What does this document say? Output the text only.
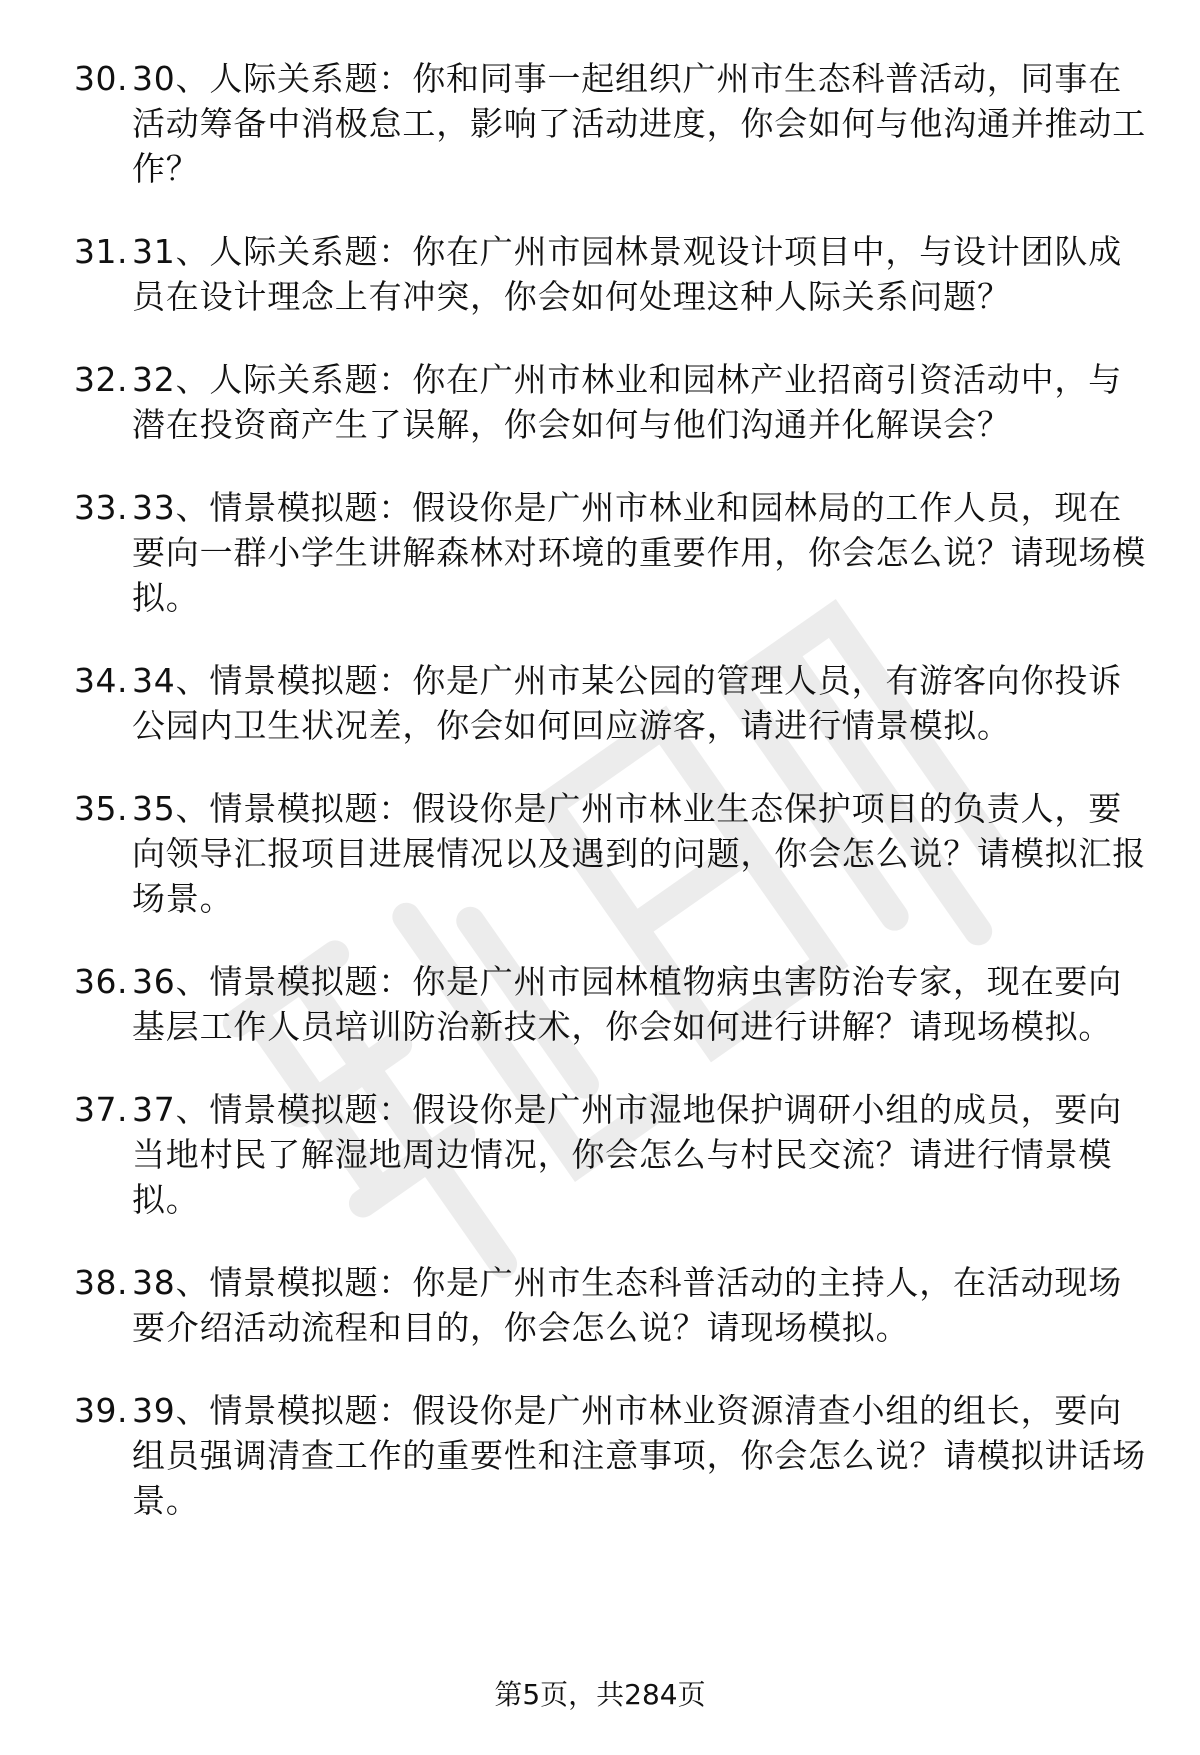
30. 30、人际关系题：你和同事一起组织广州市生态科普活动，同事在活动筹备中消极怠工，影响了活动进度，你会如何与他沟通并推动工作？
31. 31、人际关系题：你在广州市园林景观设计项目中，与设计团队成员在设计理念上有冲突，你会如何处理这种人际关系问题？
32. 32、人际关系题：你在广州市林业和园林产业招商引资活动中，与潜在投资商产生了误解，你会如何与他们沟通并化解误会？
33. 33、情景模拟题：假设你是广州市林业和园林局的工作人员，现在要向一群小学生讲解森林对环境的重要作用，你会怎么说？请现场模拟。
34. 34、情景模拟题：你是广州市某公园的管理人员，有游客向你投诉公园内卫生状况差，你会如何回应游客，请进行情景模拟。
35. 35、情景模拟题：假设你是广州市林业生态保护项目的负责人，要向领导汇报项目进展情况以及遇到的问题，你会怎么说？请模拟汇报场景。
36. 36、情景模拟题：你是广州市园林植物病虫害防治专家，现在要向基层工作人员培训防治新技术，你会如何进行讲解？请现场模拟。
37. 37、情景模拟题：假设你是广州市湿地保护调研小组的成员，要向当地村民了解湿地周边情况，你会怎么与村民交流？请进行情景模拟。
38. 38、情景模拟题：你是广州市生态科普活动的主持人，在活动现场要介绍活动流程和目的，你会怎么说？请现场模拟。
39. 39、情景模拟题：假设你是广州市林业资源清查小组的组长，要向组员强调清查工作的重要性和注意事项，你会怎么说？请模拟讲话场景。
第5页，共284页
